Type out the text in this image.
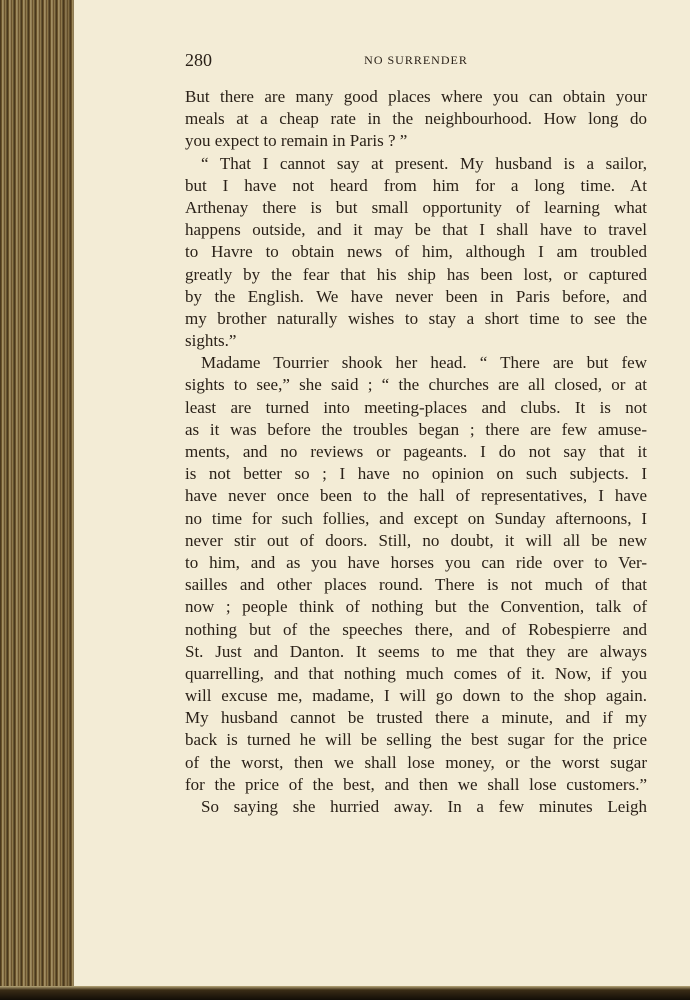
280	NO SURRENDER
But there are many good places where you can obtain your
meals at a cheap rate in the neighbourhood. How long do
you expect to remain in Paris ? ”
“ That I cannot say at present. My husband is a sailor,
but I have not heard from him for a long time. At
Arthenay there is but small opportunity of learning what
happens outside, and it may be that I shall have to travel
to Havre to obtain news of him, although I am troubled
greatly by the fear that his ship has been lost, or captured
by the English. We have never been in Paris before, and
my brother naturally wishes to stay a short time to see the
sights.”
Madame Tourrier shook her head. “ There are but few
sights to see,” she said ; “ the churches are all closed, or at
least are turned into meeting-places and clubs. It is not
as it was before the troubles began ; there are few amuse-
ments, and no reviews or pageants. I do not say that it
is not better so ; I have no opinion on such subjects. I
have never once been to the hall of representatives, I have
no time for such follies, and except on Sunday afternoons, I
never stir out of doors. Still, no doubt, it will all be new
to him, and as you have horses you can ride over to Ver-
sailles and other places round. There is not much of that
now ; people think of nothing but the Convention, talk of
nothing but of the speeches there, and of Robespierre and
St. Just and Danton. It seems to me that they are always
quarrelling, and that nothing much comes of it. Now, if you
will excuse me, madame, I will go down to the shop again.
My husband cannot be trusted there a minute, and if my
back is turned he will be selling the best sugar for the price
of the worst, then we shall lose money, or the worst sugar
for the price of the best, and then we shall lose customers.”
So saying she hurried away. In a few minutes Leigh
